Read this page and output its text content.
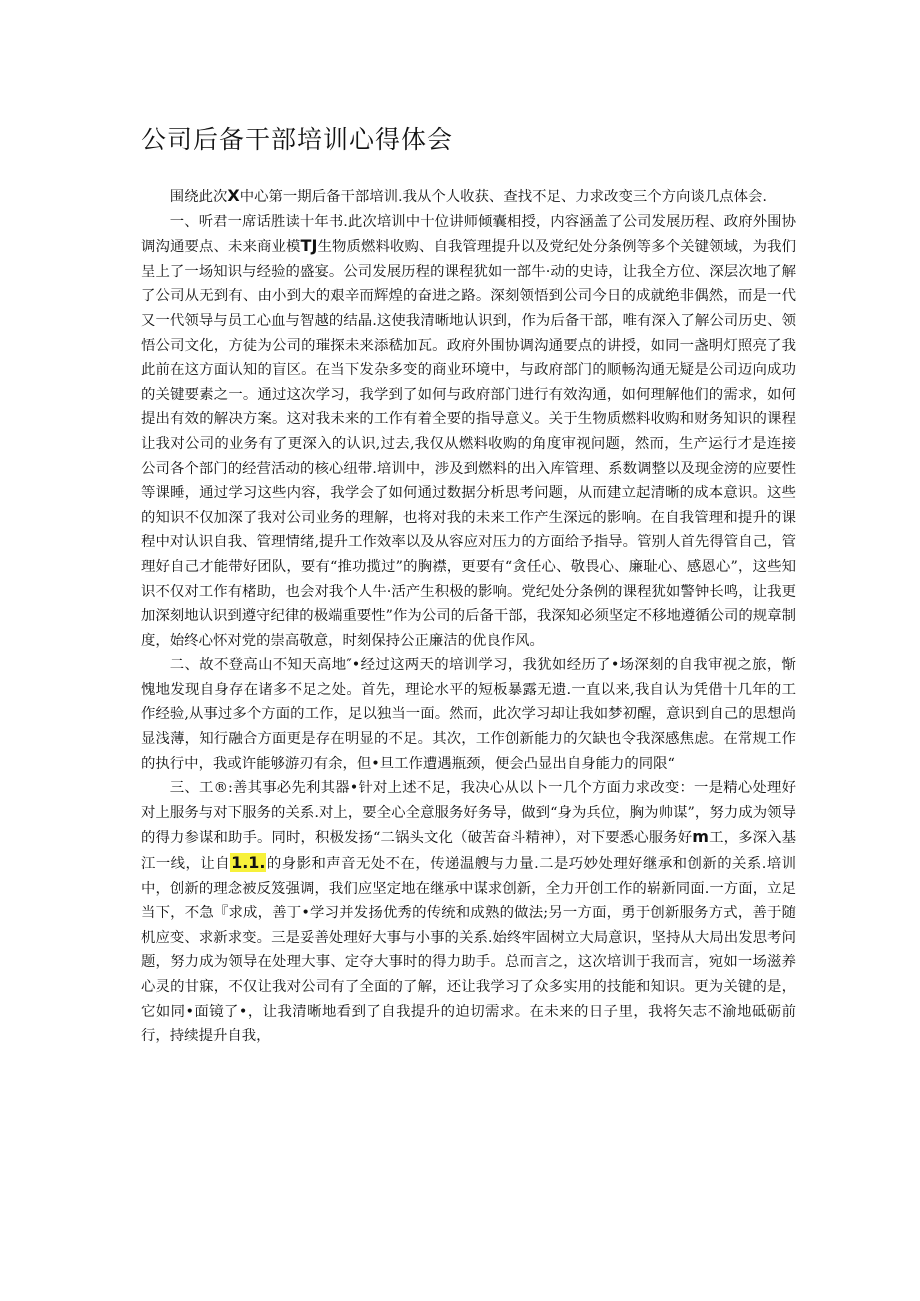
公司后备干部培训心得体会

围绕此次X中心第一期后备干部培训.我从个人收获、查找不足、力求改变三个方向谈几点体会.

一、听君一席话胜读十年书.此次培训中十位讲师倾囊相授，内容涵盖了公司发展历程、政府外围协调沟通要点、未来商业模TJ生物质燃料收购、自我管理提升以及党纪处分条例等多个关键领域，为我们呈上了一场知识与经验的盛宴。公司发展历程的课程犹如一部牛·动的史诗，让我全方位、深层次地了解了公司从无到有、由小到大的艰辛而辉煌的奋进之路。深刻领悟到公司今日的成就绝非偶然，而是一代又一代领导与员工心血与智越的结晶.这使我清晰地认识到，作为后备干部，唯有深入了解公司历史、领悟公司文化，方徒为公司的璀探未来添嵇加瓦。政府外围协调沟通要点的讲授，如同一盏明灯照亮了我此前在这方面认知的盲区。在当下发杂多变的商业环境中，与政府部门的顺畅沟通无疑是公司迈向成功的关键要素之一。通过这次学习，我学到了如何与政府部门进行有效沟通，如何理解他们的需求，如何提出有效的解决方案。这对我未来的工作有着全要的指导意义。关于生物质燃料收购和财务知识的课程让我对公司的业务有了更深入的认识,过去,我仅从燃料收购的角度审视问题，然而，生产运行才是连接公司各个部门的经营活动的核心纽带.培训中，涉及到燃料的出入库管理、系数调整以及现金滂的应要性等课睡，通过学习这些内容，我学会了如何通过数据分析思考问题，从而建立起清晰的成本意识。这些的知识不仅加深了我对公司业务的理解，也将对我的未来工作产生深远的影响。在自我管理和提升的课程中对认识自我、管理情绪,提升工作效率以及从容应对压力的方面给予指导。管别人首先得管自己，管理好自己才能带好团队，要有“推功揽过”的胸襟，更要有“贪任心、敬畏心、廉耻心、感恩心”，这些知识不仅对工作有楮助，也会对我个人牛·活产生积极的影响。党纪处分条例的课程犹如警钟长鸣，让我更加深刻地认识到遵守纪律的极端重要性”作为公司的后备干部，我深知必须坚定不移地遵循公司的规章制度，始终心怀对党的崇高敬意，时刻保持公正廉洁的优良作风。

二、故不登高山不知天高地″•经过这两天的培训学习，我犹如经历了•场深刻的自我审视之旅，惭愧地发现自身存在诸多不足之处。首先，理论水平的短板暴露无遗.一直以来,我自认为凭借十几年的工作经验,从事过多个方面的工作，足以独当一面。然而，此次学习却让我如梦初醒，意识到自己的思想尚显浅薄，知行融合方面更是存在明显的不足。其次，工作创新能力的欠缺也令我深感焦虑。在常规工作的执行中，我或许能够游刃有余，但•旦工作遭遇瓶颈，便会凸显出自身能力的同限“

三、工®:善其事必先利其器•针对上述不足，我决心从以卜一几个方面力求改变：一是精心处理好对上服务与对下服务的关系.对上，要全心全意服务好务导，做到“身为兵位，胸为帅谋”，努力成为领导的得力参谋和助手。同时，积极发扬“二锅头文化（破苦奋斗精神），对下要悉心服务好m工，多深入基江一线，让自1.1.的身影和声音无处不在，传递温艘与力量.二是巧妙处理好继承和创新的关系.培训中，创新的理念被反笈强调，我们应坚定地在继承中谋求创新，全力开创工作的崭新同面.一方面，立足当下，不急『求成，善丁•学习并发扬优秀的传统和成熟的做法;另一方面，勇于创新服务方式，善于随机应变、求新求变。三是妥善处理好大事与小事的关系.始终牢固树立大局意识，坚持从大局出发思考问题，努力成为领导在处理大事、定夺大事时的得力助手。总而言之，这次培训于我而言，宛如一场滋养心灵的甘寐，不仅让我对公司有了全面的了解，还让我学习了众多实用的技能和知识。更为关键的是，它如同•面镜了•，让我清晰地看到了自我提升的迫切需求。在未来的日子里，我将矢志不渝地砥砺前行，持续提升自我，
